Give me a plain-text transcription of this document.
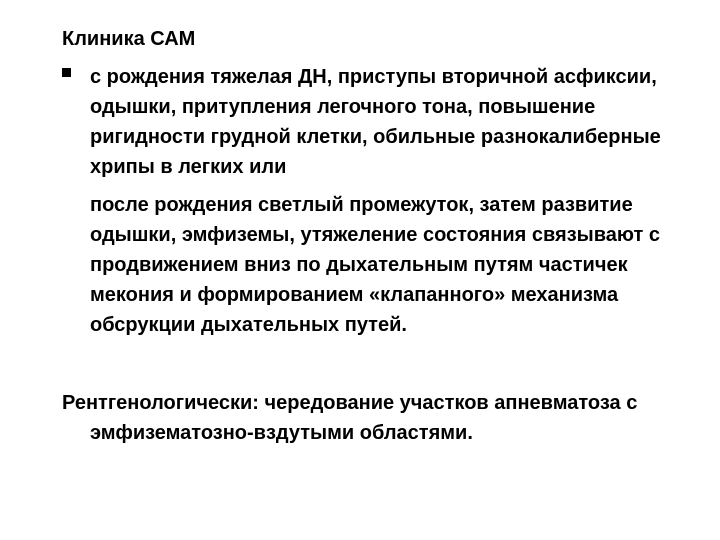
Клиника САМ

с рождения тяжелая ДН, приступы вторичной асфиксии, одышки, притупления легочного тона, повышение ригидности грудной клетки, обильные разнокалиберные хрипы в легких или

после рождения светлый промежуток, затем развитие одышки, эмфиземы, утяжеление состояния связывают с продвижением вниз по дыхательным путям частичек мекония и формированием «клапанного» механизма обсрукции дыхательных путей.

Рентгенологически: чередование участков апневматоза с эмфизематозно-вздутыми областями.
